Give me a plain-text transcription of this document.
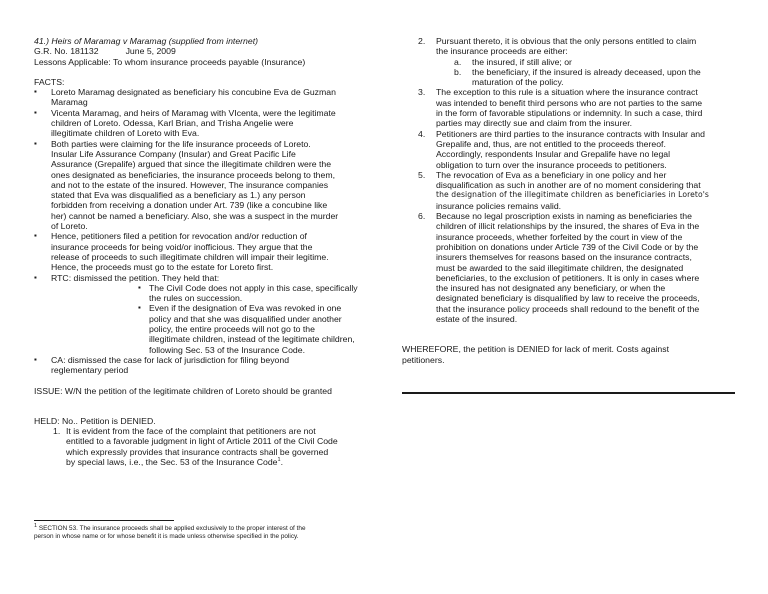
41.) Heirs of Maramag v Maramag (supplied from internet)
G.R. No. 181132	June 5, 2009
Lessons Applicable: To whom insurance proceeds payable (Insurance)
FACTS:
▪ Loreto Maramag designated as beneficiary his concubine Eva de Guzman
Maramag
▪ Vicenta Maramag, and heirs of Maramag with VIcenta, were the legitimate
children of Loreto. Odessa, Karl Brian, and Trisha Angelie were
illegitimate children of Loreto with Eva.
▪ Both parties were claiming for the life insurance proceeds of Loreto.
Insular Life Assurance Company (Insular) and Great Pacific Life
Assurance (Grepalife) argued that since the illegitimate children were the
ones designated as beneficiaries, the insurance proceeds belong to them,
and not to the estate of the insured. However, The insurance companies
stated that Eva was disqualified as a beneficiary as 1.) any person
forbidden from receiving a donation under Art. 739 (like a concubine like
her) cannot be named a beneficiary. Also, she was a suspect in the murder
of Loreto.
▪ Hence, petitioners filed a petition for revocation and/or reduction of
insurance proceeds for being void/or inofficious. They argue that the
release of proceeds to such illegitimate children will impair their legitime.
Hence, the proceeds must go to the estate for Loreto first.
▪ RTC: dismissed the petition. They held that:
▪ The Civil Code does not apply in this case, specifically
the rules on succession.
▪ Even if the designation of Eva was revoked in one
policy and that she was disqualified under another
policy, the entire proceeds will not go to the
illegitimate children, instead of the legitimate children,
following Sec. 53 of the Insurance Code.
▪ CA: dismissed the case for lack of jurisdiction for filing beyond
reglementary period
ISSUE: W/N the petition of the legitimate children of Loreto should be granted
HELD: No.. Petition is DENIED.
1. It is evident from the face of the complaint that petitioners are not
entitled to a favorable judgment in light of Article 2011 of the Civil Code
which expressly provides that insurance contracts shall be governed
by special laws, i.e., the Sec. 53 of the Insurance Code$^1$.
$^1$ SECTION 53. The insurance proceeds shall be applied exclusively to the proper interest of the
person in whose name or for whose benefit it is made unless otherwise specified in the policy.
2. Pursuant thereto, it is obvious that the only persons entitled to claim
the insurance proceeds are either:
a. the insured, if still alive; or
b. the beneficiary, if the insured is already deceased, upon the
maturation of the policy.
3. The exception to this rule is a situation where the insurance contract
was intended to benefit third persons who are not parties to the same
in the form of favorable stipulations or indemnity. In such a case, third
parties may directly sue and claim from the insurer.
4. Petitioners are third parties to the insurance contracts with Insular and
Grepalife and, thus, are not entitled to the proceeds thereof.
Accordingly, respondents Insular and Grepalife have no legal
obligation to turn over the insurance proceeds to petitioners.
5. The revocation of Eva as a beneficiary in one policy and her
disqualification as such in another are of no moment considering that
the designation of the illegitimate children as beneficiaries in Loreto's
insurance policies remains valid.
6. Because no legal proscription exists in naming as beneficiaries the
children of illicit relationships by the insured, the shares of Eva in the
insurance proceeds, whether forfeited by the court in view of the
prohibition on donations under Article 739 of the Civil Code or by the
insurers themselves for reasons based on the insurance contracts,
must be awarded to the said illegitimate children, the designated
beneficiaries, to the exclusion of petitioners. It is only in cases where
the insured has not designated any beneficiary, or when the
designated beneficiary is disqualified by law to receive the proceeds,
that the insurance policy proceeds shall redound to the benefit of the
estate of the insured.
WHEREFORE, the petition is DENIED for lack of merit. Costs against
petitioners.
